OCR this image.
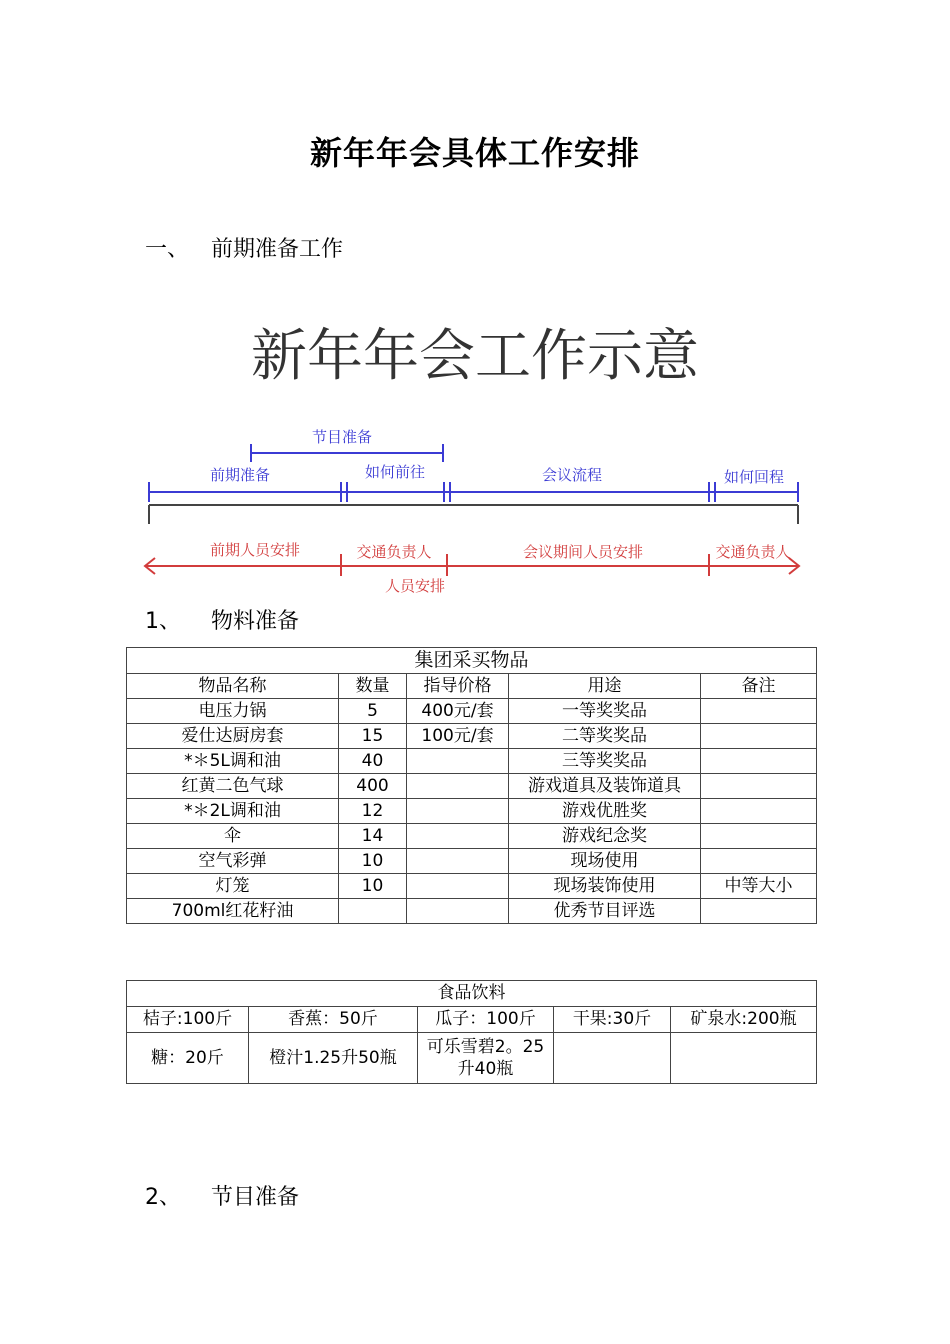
新年年会具体工作安排
一、 前期准备工作
新年年会工作示意
节目准备
前期准备	如何前往	会议流程	如何回程
前期人员安排	交通负责人	会议期间人员安排	交通负责人
人员安排
1、 物料准备
集团采买物品				
物品名称	数量	指导价格	用途	备注
电压力锅	5	400元/套	一等奖奖品	
爱仕达厨房套	15	100元/套	二等奖奖品	
*＊5L调和油	40		三等奖奖品	
红黄二色气球	400		游戏道具及装饰道具	
*＊2L调和油	12		游戏优胜奖	
伞	14		游戏纪念奖	
空气彩弹	10		现场使用	
灯笼	10		现场装饰使用	中等大小
700ml红花籽油			优秀节目评选	
食品饮料				
桔子:100斤	香蕉：50斤	瓜子：100斤	干果:30斤	矿泉水:200瓶
糖：20斤	橙汁1.25升50瓶	可乐雪碧2。25升40瓶		
2、 节目准备
